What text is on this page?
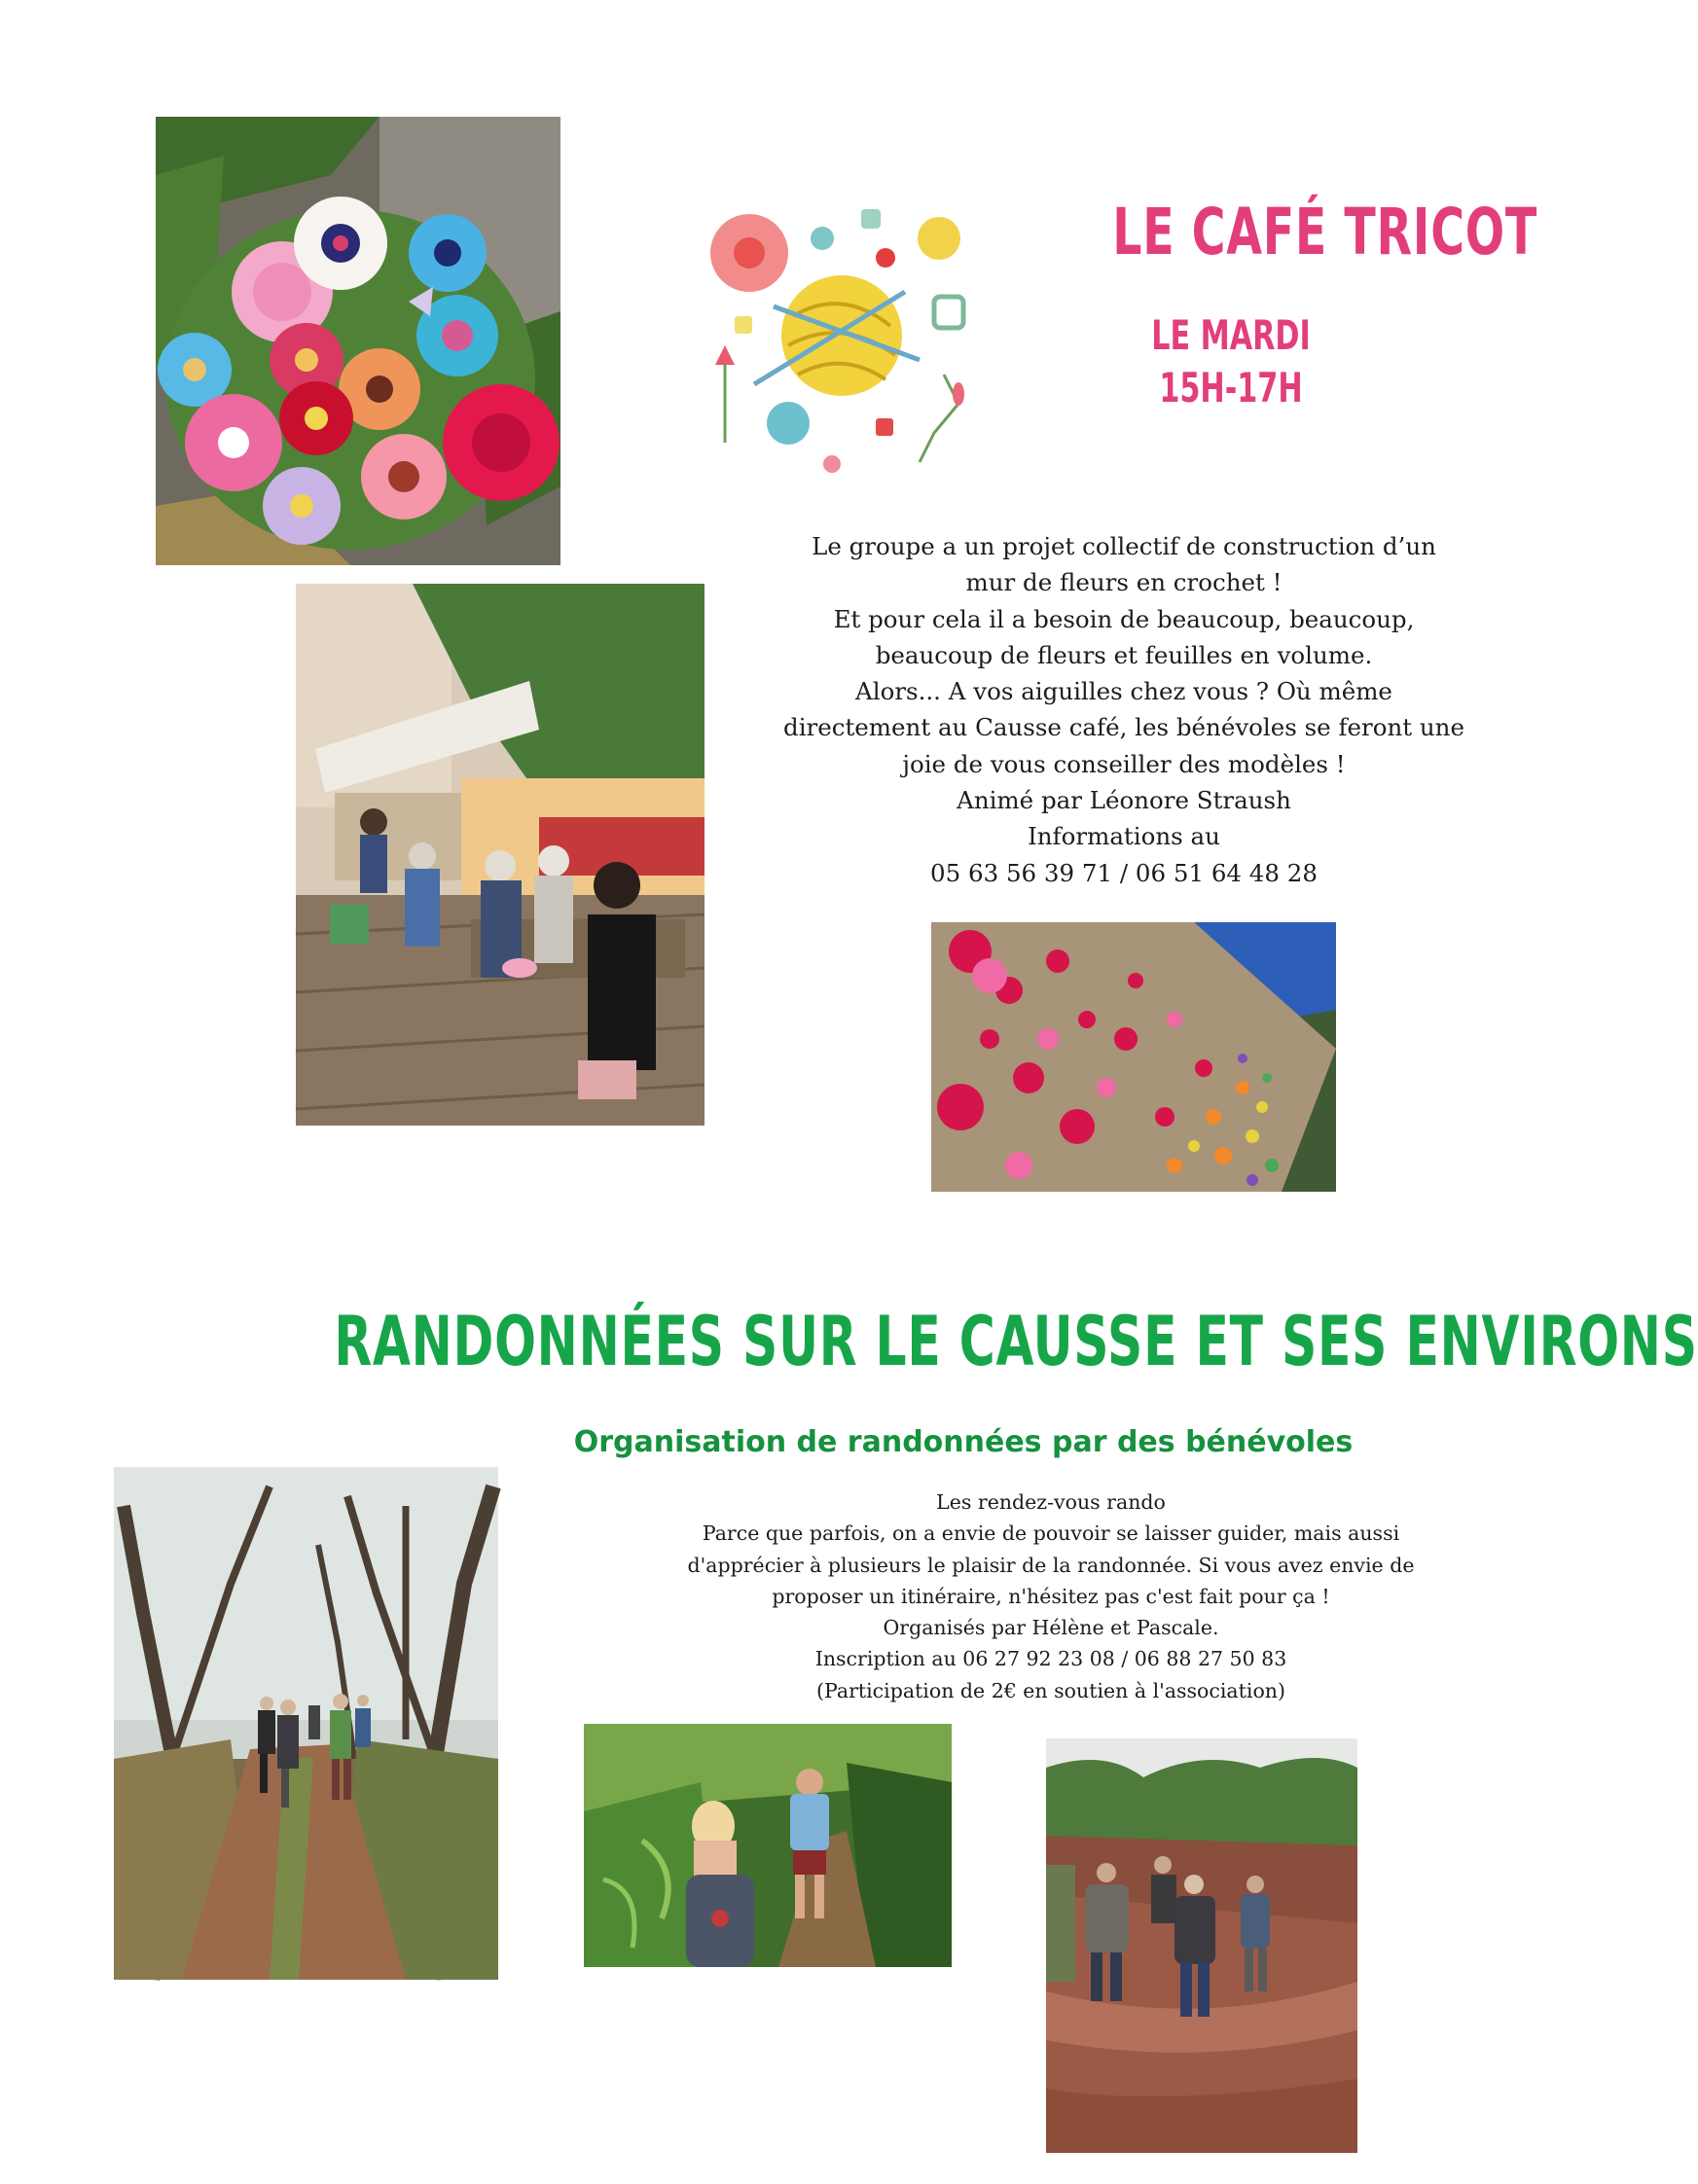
LE CAFÉ TRICOT
LE MARDI
15H-17H
Le groupe a un projet collectif de construction d’un
mur de fleurs en crochet !
Et pour cela il a besoin de beaucoup, beaucoup,
beaucoup de fleurs et feuilles en volume.
Alors... A vos aiguilles chez vous ? Où même
directement au Causse café, les bénévoles se feront une
joie de vous conseiller des modèles !
Animé par Léonore Straush
Informations au
05 63 56 39 71 / 06 51 64 48 28
RANDONNÉES SUR LE CAUSSE ET SES ENVIRONS
Organisation de randonnées par des bénévoles
Les rendez-vous rando
Parce que parfois, on a envie de pouvoir se laisser guider, mais aussi
d'apprécier à plusieurs le plaisir de la randonnée. Si vous avez envie de
proposer un itinéraire, n'hésitez pas c'est fait pour ça !
Organisés par Hélène et Pascale.
Inscription au 06 27 92 23 08 / 06 88 27 50 83
(Participation de 2€ en soutien à l'association)
